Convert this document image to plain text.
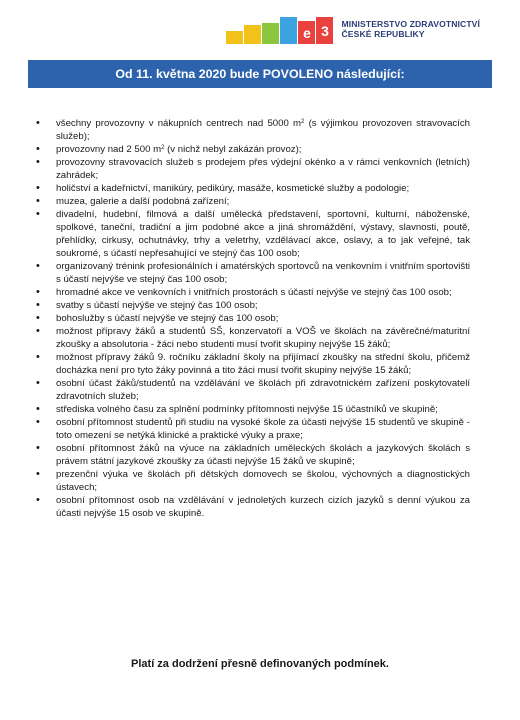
e 3	MINISTERSTVO ZDRAVOTNICTVÍ
ČESKÉ REPUBLIKY
Od 11. května 2020 bude POVOLENO následující:
• všechny provozovny v nákupních centrech nad 5000 $m^2$ (s výjimkou provozoven stravovacích služeb);
• provozovny nad 2 500 $m^2$ (v nichž nebyl zakázán provoz);
• provozovny stravovacích služeb s prodejem přes výdejní okénko a v rámci venkovních (letních) zahrádek;
• holičství a kadeřnictví, manikúry, pedikúry, masáže, kosmetické služby a podologie;
• muzea, galerie a další podobná zařízení;
• divadelní, hudební, filmová a další umělecká představení, sportovní, kulturní, náboženské, spolkové, taneční, tradiční a jim podobné akce a jiná shromáždění, výstavy, slavnosti, poutě, přehlídky, cirkusy, ochutnávky, trhy a veletrhy, vzdělávací akce, oslavy, a to jak veřejné, tak soukromé, s účastí nepřesahující ve stejný čas 100 osob;
• organizovaný trénink profesionálních i amatérských sportovců na venkovním i vnitřním sportovišti s účastí nejvýše ve stejný čas 100 osob;
• hromadné akce ve venkovních i vnitřních prostorách s účastí nejvýše ve stejný čas 100 osob;
• svatby s účastí nejvýše ve stejný čas 100 osob;
• bohoslužby s účastí nejvýše ve stejný čas 100 osob;
• možnost přípravy žáků a studentů SŠ, konzervatoří a VOŠ ve školách na závěrečné/maturitní zkoušky a absolutoria - žáci nebo studenti musí tvořit skupiny nejvýše 15 žáků;
• možnost přípravy žáků 9. ročníku základní školy na přijímací zkoušky na střední školu, přičemž docházka není pro tyto žáky povinná a tito žáci musí tvořit skupiny nejvýše 15 žáků;
• osobní účast žáků/studentů na vzdělávání ve školách při zdravotnickém zařízení poskytovatelí zdravotních služeb;
• střediska volného času za splnění podmínky přítomnosti nejvýše 15 účastníků ve skupině;
• osobní přítomnost studentů při studiu na vysoké škole za účasti nejvýše 15 studentů ve skupině - toto omezení se netýká klinické a praktické výuky a praxe;
• osobní přítomnost žáků na výuce na základních uměleckých školách a jazykových školách s právem státní jazykové zkoušky za účasti nejvýše 15 žáků ve skupině;
• prezenční výuka ve školách při dětských domovech se školou, výchovných a diagnostických ústavech;
• osobní přítomnost osob na vzdělávání v jednoletých kurzech cizích jazyků s denní výukou za účasti nejvýše 15 osob ve skupině.
Platí za dodržení přesně definovaných podmínek.
